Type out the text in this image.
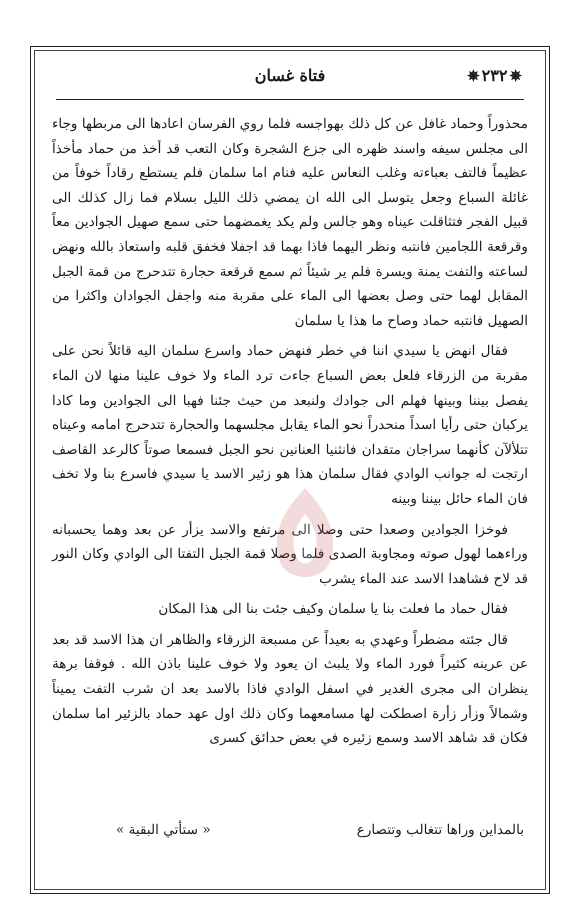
فتاة غسان	✵٢٣٢✵

محذوراً وحماد غافل عن كل ذلك بهواجسه فلما روي الفرسان اعادها الى مربطها وجاء الى مجلس سيفه واسند ظهره الى جزع الشجرة وكان التعب قد أخذ من حماد مأخذاً عظيماً فالتف بعباءته وغلب النعاس عليه فنام اما سلمان فلم يستطع رقاداً خوفاً من غائلة السباع وجعل يتوسل الى الله ان يمضي ذلك الليل بسلام فما زال كذلك الى قبيل الفجر فتثاقلت عيناه وهو جالس ولم يكد يغمضهما حتى سمع صهيل الجوادين معاً وقرقعة اللجامين فانتبه ونظر اليهما فاذا بهما قد اجفلا فخفق قلبه واستعاذ بالله ونهض لساعته والتفت يمنة ويسرة فلم ير شيئاً ثم سمع قرقعة حجارة تتدحرج من قمة الجبل المقابل لهما حتى وصل بعضها الى الماء على مقربة منه واجفل الجوادان واكثرا من الصهيل فانتبه حماد وصاح ما هذا يا سلمان

فقال انهض يا سيدي اننا في خطر فنهض حماد واسرع سلمان اليه قائلاً نحن على مقربة من الزرقاء فلعل بعض السباع جاءت ترد الماء ولا خوف علينا منها لان الماء يفصل بيننا وبينها فهلم الى جوادك ولنبعد من حيث جئنا فهبا الى الجوادين وما كادا يركبان حتى رأيا اسداً منحدراً نحو الماء يقابل مجلسهما والحجارة تتدحرج امامه وعيناه تتلألآن كأنهما سراجان متقدان فانثنيا العنانين نحو الجبل فسمعا صوتاً كالرعد القاصف ارتجت له جوانب الوادي فقال سلمان هذا هو زئير الاسد يا سيدي فاسرع بنا ولا تخف فان الماء حائل بيننا وبينه

فوخزا الجوادين وصعدا حتى وصلا الى مرتفع والاسد يزأر عن بعد وهما يحسبانه وراءهما لهول صوته ومجاوبة الصدى فلما وصلا قمة الجبل التفتا الى الوادي وكان النور قد لاح فشاهدا الاسد عند الماء يشرب

فقال حماد ما فعلت بنا يا سلمان وكيف جئت بنا الى هذا المكان

قال جئته مضطراً وعهدي به بعيداً عن مسبعة الزرقاء والظاهر ان هذا الاسد قد بعد عن عرينه كثيراً فورد الماء ولا يلبث ان يعود ولا خوف علينا باذن الله . فوقفا برهة ينظران الى مجرى الغدير في اسفل الوادي فاذا بالاسد بعد ان شرب التفت يميناً وشمالاً وزأر زأرة اصطكت لها مسامعهما وكان ذلك اول عهد حماد بالزئير اما سلمان فكان قد شاهد الاسد وسمع زئيره في بعض حدائق كسرى

بالمداين وراها تتغالب وتتصارع
« ستأتي البقية »
